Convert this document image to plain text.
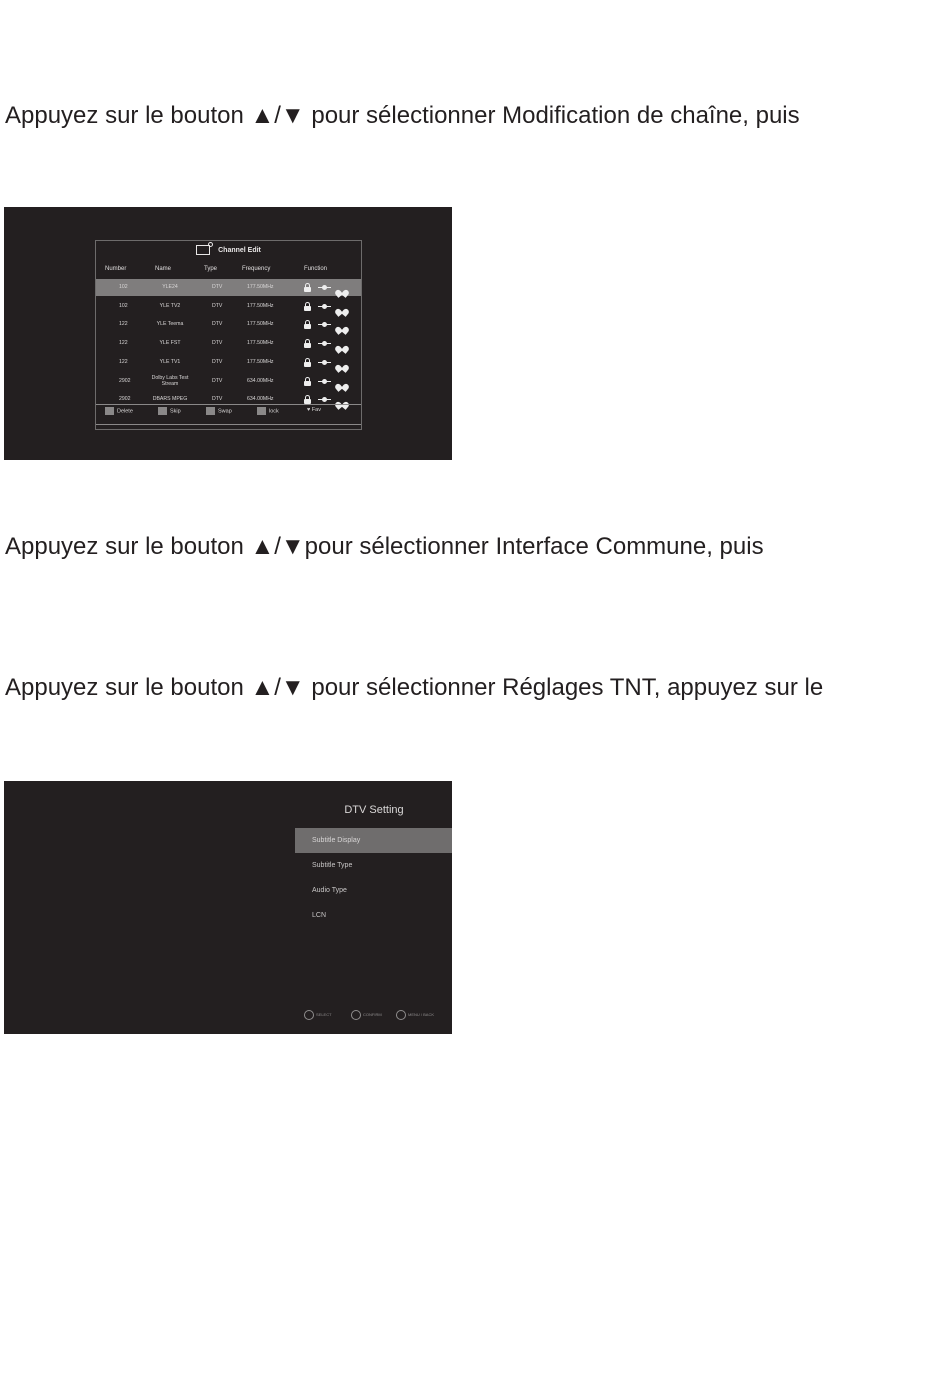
Appuyez sur le bouton ▲/▼ pour sélectionner Modification de chaîne, puis

Channel Edit
Number	Name	Type	Frequency	Function
102	YLE24	DTV	177.50MHz
102	YLE TV2	DTV	177.50MHz
122	YLE Teema	DTV	177.50MHz
122	YLE FST	DTV	177.50MHz
122	YLE TV1	DTV	177.50MHz
2902	Dolby Labs Test Stream	DTV	634.00MHz
2902	DBARS MPEG	DTV	634.00MHz
Delete	Skip	Swap	lock	♥ Fav

Appuyez sur le bouton ▲/▼pour sélectionner Interface Commune, puis

Appuyez sur le bouton ▲/▼ pour sélectionner Réglages TNT, appuyez sur le

DTV Setting
Subtitle Display
Subtitle Type
Audio Type
LCN
SELECT	CONFIRM	MENU / BACK
